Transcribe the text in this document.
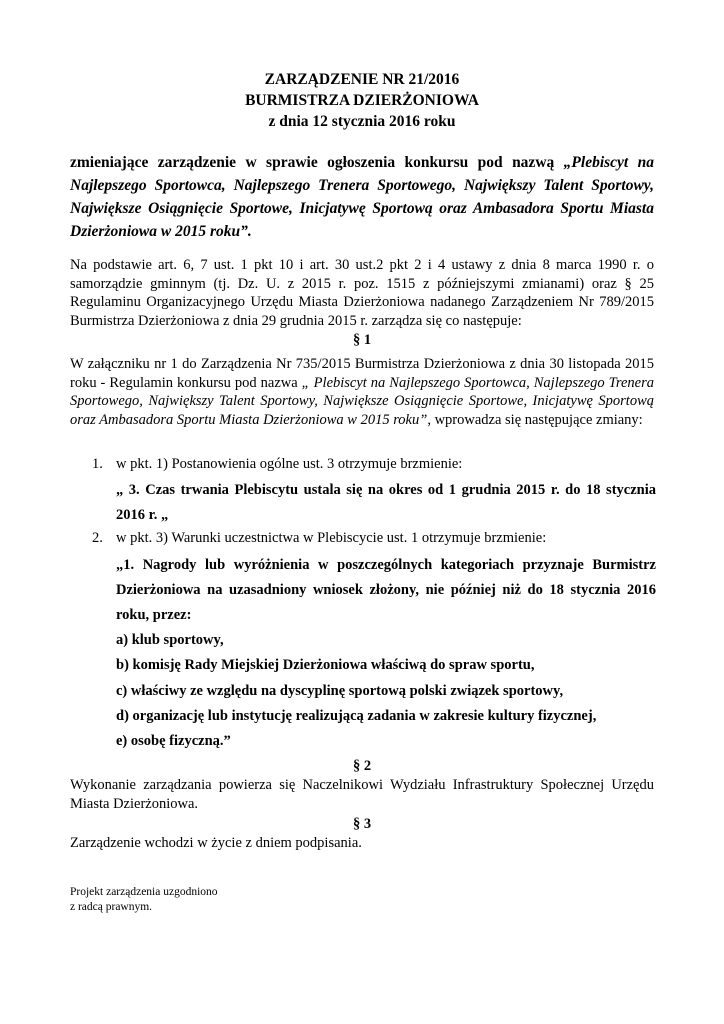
ZARZĄDZENIE NR 21/2016
BURMISTRZA DZIERŻONIOWA
z dnia 12 stycznia 2016 roku
zmieniające zarządzenie w sprawie ogłoszenia konkursu pod nazwą „Plebiscyt na Najlepszego Sportowca, Najlepszego Trenera Sportowego, Największy Talent Sportowy, Największe Osiągnięcie Sportowe, Inicjatywę Sportową oraz Ambasadora Sportu Miasta Dzierżoniowa w 2015 roku”.
Na podstawie art. 6, 7 ust. 1 pkt 10 i art. 30 ust.2 pkt 2 i 4 ustawy z dnia 8 marca 1990 r. o samorządzie gminnym (tj. Dz. U. z 2015 r. poz. 1515 z późniejszymi zmianami) oraz § 25 Regulaminu Organizacyjnego Urzędu Miasta Dzierżoniowa nadanego Zarządzeniem Nr 789/2015 Burmistrza Dzierżoniowa z dnia 29 grudnia 2015 r. zarządza się co następuje:
§ 1
W załączniku nr 1 do Zarządzenia Nr 735/2015 Burmistrza Dzierżoniowa z dnia 30 listopada 2015 roku - Regulamin konkursu pod nazwa „ Plebiscyt na Najlepszego Sportowca, Najlepszego Trenera Sportowego, Największy Talent Sportowy, Największe Osiągnięcie Sportowe, Inicjatywę Sportową oraz Ambasadora Sportu Miasta Dzierżoniowa w 2015 roku”, wprowadza się następujące zmiany:
1. w pkt. 1) Postanowienia ogólne ust. 3 otrzymuje brzmienie:
„ 3. Czas trwania Plebiscytu ustala się na okres od 1 grudnia 2015 r. do 18 stycznia 2016 r. „
2. w pkt. 3) Warunki uczestnictwa w Plebiscycie ust. 1 otrzymuje brzmienie:
„1. Nagrody lub wyróżnienia w poszczególnych kategoriach przyznaje Burmistrz Dzierżoniowa na uzasadniony wniosek złożony, nie później niż do 18 stycznia 2016 roku, przez:
a) klub sportowy,
b) komisję Rady Miejskiej Dzierżoniowa właściwą do spraw sportu,
c) właściwy ze względu na dyscyplinę sportową polski związek sportowy,
d) organizację lub instytucję realizującą zadania w zakresie kultury fizycznej,
e) osobę fizyczną.”
§ 2
Wykonanie zarządzania powierza się Naczelnikowi Wydziału Infrastruktury Społecznej Urzędu Miasta Dzierżoniowa.
§ 3
Zarządzenie wchodzi w życie z dniem podpisania.
Projekt zarządzenia uzgodniono
z radcą prawnym.
